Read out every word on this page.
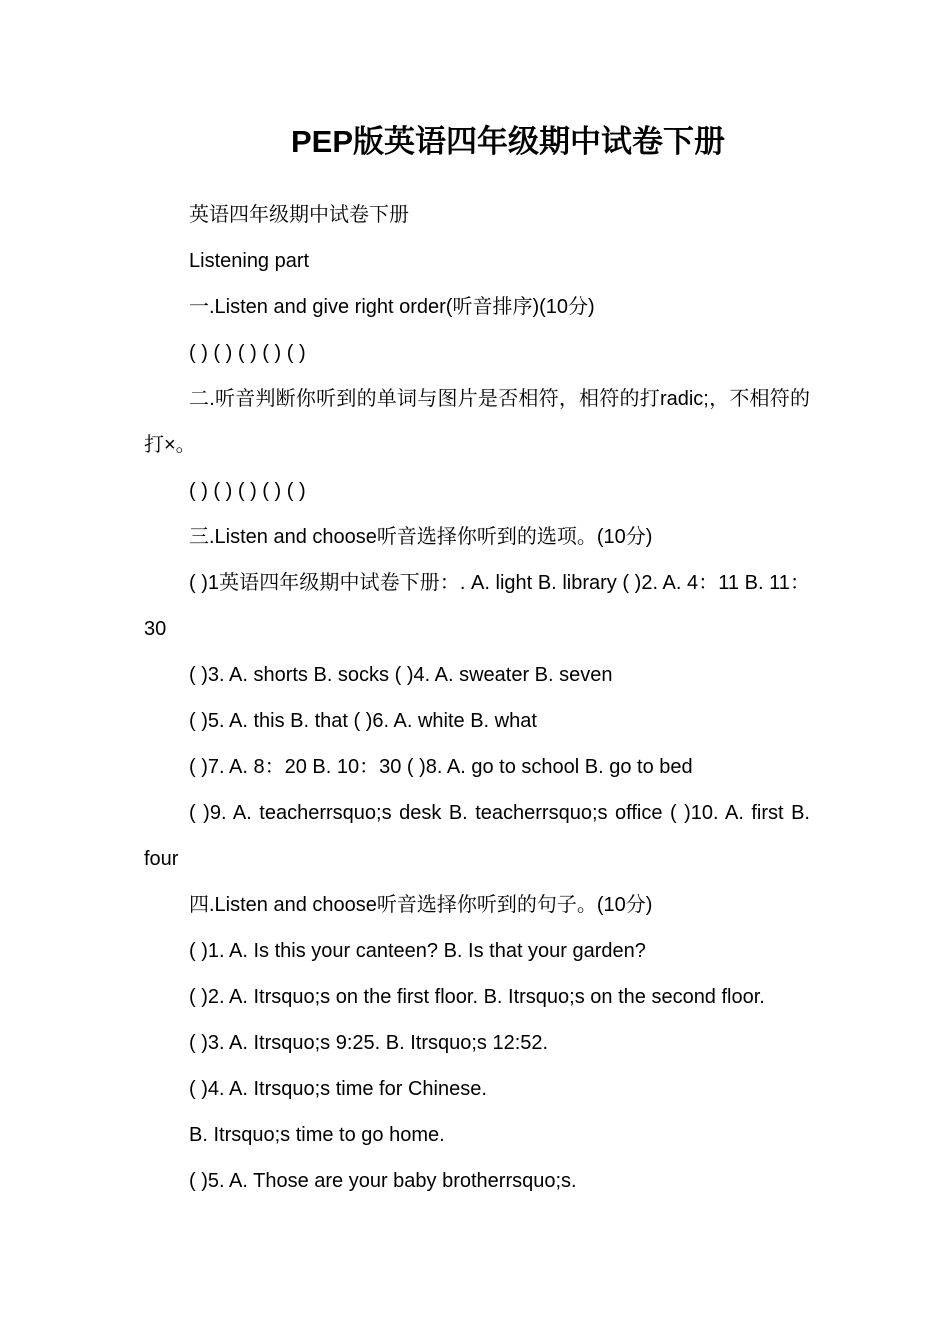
PEP版英语四年级期中试卷下册

英语四年级期中试卷下册

Listening part

一.Listen and give right order(听音排序)(10分)

( ) ( ) ( ) ( ) ( )

二.听音判断你听到的单词与图片是否相符，相符的打radic;，不相符的打×。

( ) ( ) ( ) ( ) ( )

三.Listen and choose听音选择你听到的选项。(10分)

( )1英语四年级期中试卷下册：. A. light B. library ( )2. A. 4：11 B. 11：30

( )3. A. shorts B. socks ( )4. A. sweater B. seven

( )5. A. this B. that ( )6. A. white B. what

( )7. A. 8：20 B. 10：30 ( )8. A. go to school B. go to bed

( )9. A. teacherrsquo;s desk B. teacherrsquo;s office ( )10. A. first B. four

四.Listen and choose听音选择你听到的句子。(10分)

( )1. A. Is this your canteen? B. Is that your garden?

( )2. A. Itrsquo;s on the first floor. B. Itrsquo;s on the second floor.

( )3. A. Itrsquo;s 9:25. B. Itrsquo;s 12:52.

( )4. A. Itrsquo;s time for Chinese.

B. Itrsquo;s time to go home.

( )5. A. Those are your baby brotherrsquo;s.
